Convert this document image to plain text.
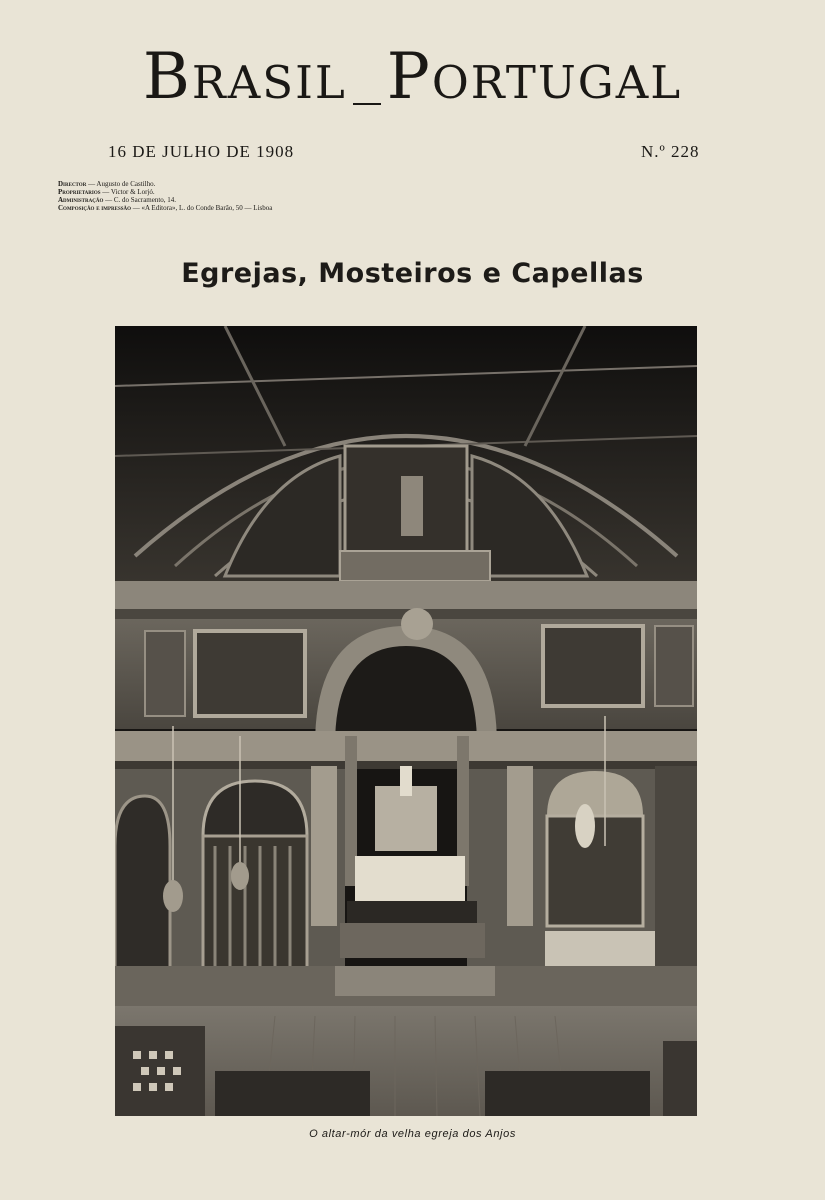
Brasil Portugal
16 DE JULHO DE 1908	N.º 228
Director — Augusto de Castilho.
Proprietarios — Victor & Lorjó.
Administração — C. do Sacramento, 14.
Composição e impressão — «A Editora», L. do Conde Barão, 50 — Lisboa
Egrejas, Mosteiros e Capellas
O altar-mór da velha egreja dos Anjos
